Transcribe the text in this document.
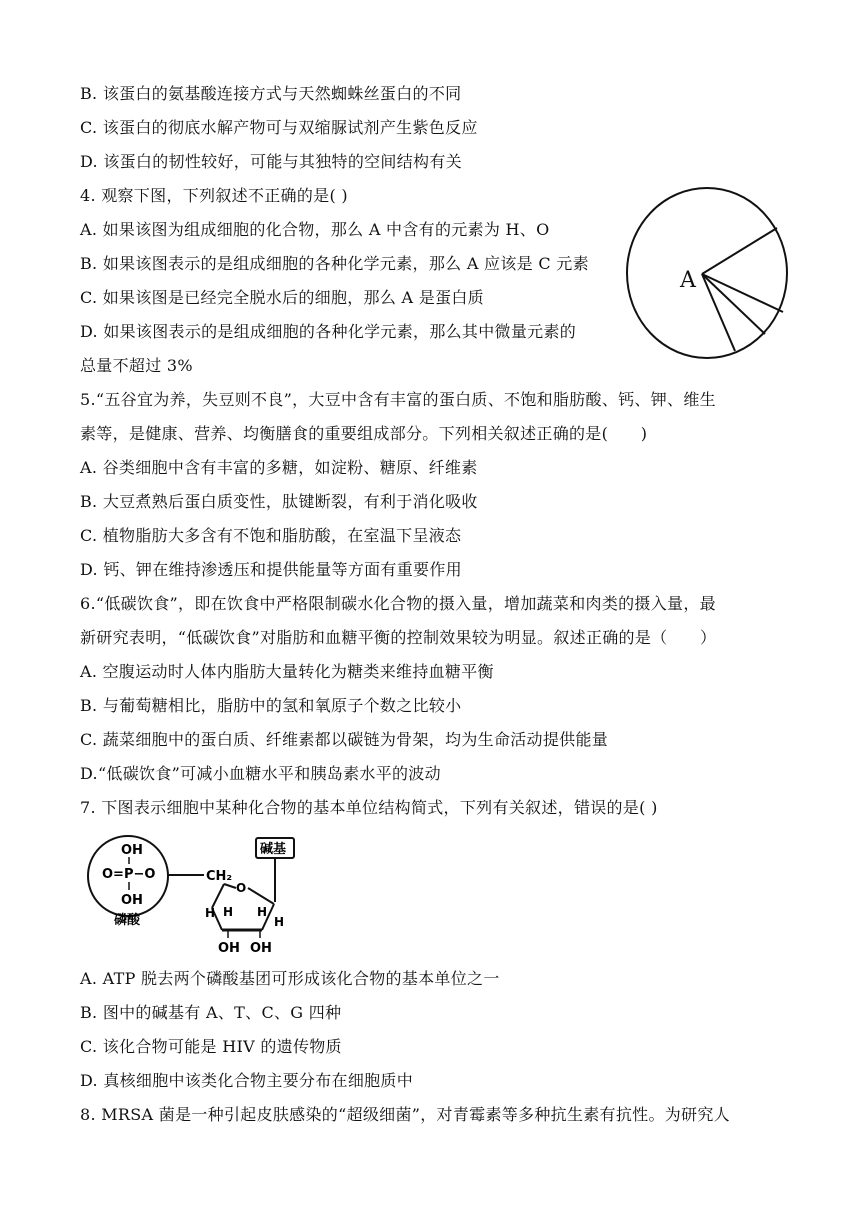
B. 该蛋白的氨基酸连接方式与天然蜘蛛丝蛋白的不同
C. 该蛋白的彻底水解产物可与双缩脲试剂产生紫色反应
D. 该蛋白的韧性较好，可能与其独特的空间结构有关
4. 观察下图，下列叙述不正确的是( )
A. 如果该图为组成细胞的化合物，那么 A 中含有的元素为 H、O
B. 如果该图表示的是组成细胞的各种化学元素，那么 A 应该是 C 元素
C. 如果该图是已经完全脱水后的细胞，那么 A 是蛋白质
D. 如果该图表示的是组成细胞的各种化学元素，那么其中微量元素的
总量不超过 3%
A
5.“五谷宜为养，失豆则不良”，大豆中含有丰富的蛋白质、不饱和脂肪酸、钙、钾、维生
素等，是健康、营养、均衡膳食的重要组成部分。下列相关叙述正确的是(　　)
A. 谷类细胞中含有丰富的多糖，如淀粉、糖原、纤维素
B. 大豆煮熟后蛋白质变性，肽键断裂，有利于消化吸收
C. 植物脂肪大多含有不饱和脂肪酸，在室温下呈液态
D. 钙、钾在维持渗透压和提供能量等方面有重要作用
6.“低碳饮食”，即在饮食中严格限制碳水化合物的摄入量，增加蔬菜和肉类的摄入量，最
新研究表明，“低碳饮食”对脂肪和血糖平衡的控制效果较为明显。叙述正确的是（　　）
A. 空腹运动时人体内脂肪大量转化为糖类来维持血糖平衡
B. 与葡萄糖相比，脂肪中的氢和氧原子个数之比较小
C. 蔬菜细胞中的蛋白质、纤维素都以碳链为骨架，均为生命活动提供能量
D.“低碳饮食”可减小血糖水平和胰岛素水平的波动
7. 下图表示细胞中某种化合物的基本单位结构简式，下列有关叙述，错误的是( )
OH
O=P−O
OH
磷酸
CH₂
O
碱基
H H H
H
OH OH
A. ATP 脱去两个磷酸基团可形成该化合物的基本单位之一
B. 图中的碱基有 A、T、C、G 四种
C. 该化合物可能是 HIV 的遗传物质
D. 真核细胞中该类化合物主要分布在细胞质中
8. MRSA 菌是一种引起皮肤感染的“超级细菌”，对青霉素等多种抗生素有抗性。为研究人
